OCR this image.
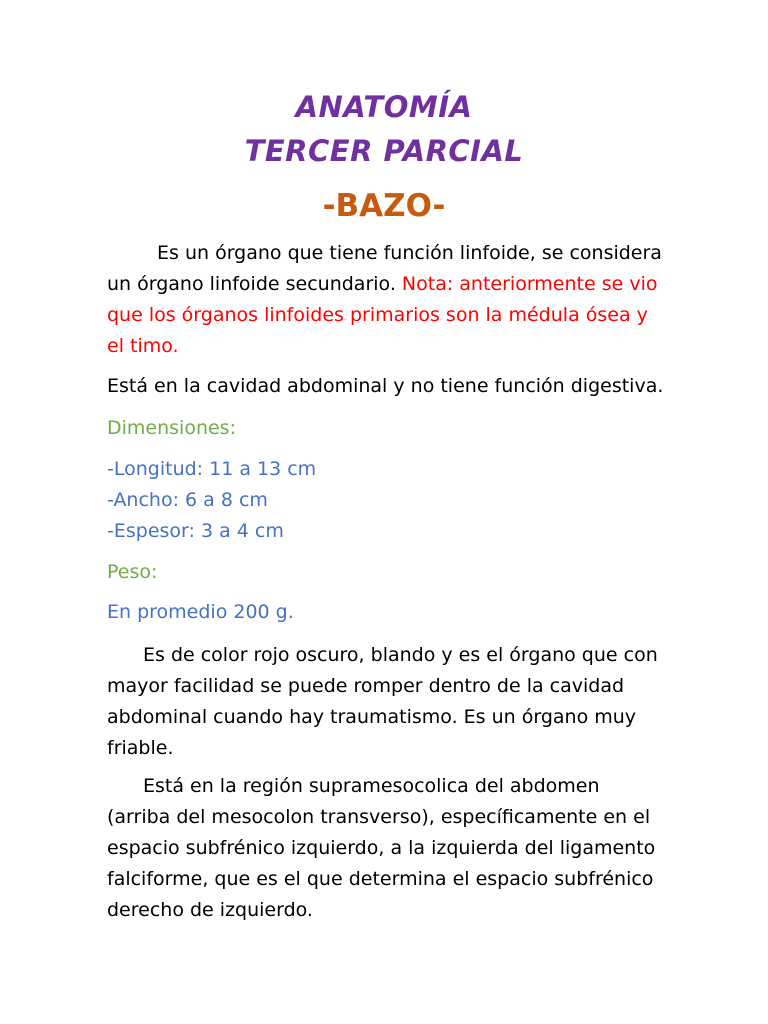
ANATOMÍA
TERCER PARCIAL
-BAZO-

Es un órgano que tiene función linfoide, se considera un órgano linfoide secundario. Nota: anteriormente se vio que los órganos linfoides primarios son la médula ósea y el timo.

Está en la cavidad abdominal y no tiene función digestiva.

Dimensiones:

-Longitud: 11 a 13 cm
-Ancho: 6 a 8 cm
-Espesor: 3 a 4 cm

Peso:

En promedio 200 g.

Es de color rojo oscuro, blando y es el órgano que con mayor facilidad se puede romper dentro de la cavidad abdominal cuando hay traumatismo. Es un órgano muy friable.

Está en la región supramesocolica del abdomen (arriba del mesocolon transverso), específicamente en el espacio subfrénico izquierdo, a la izquierda del ligamento falciforme, que es el que determina el espacio subfrénico derecho de izquierdo.
